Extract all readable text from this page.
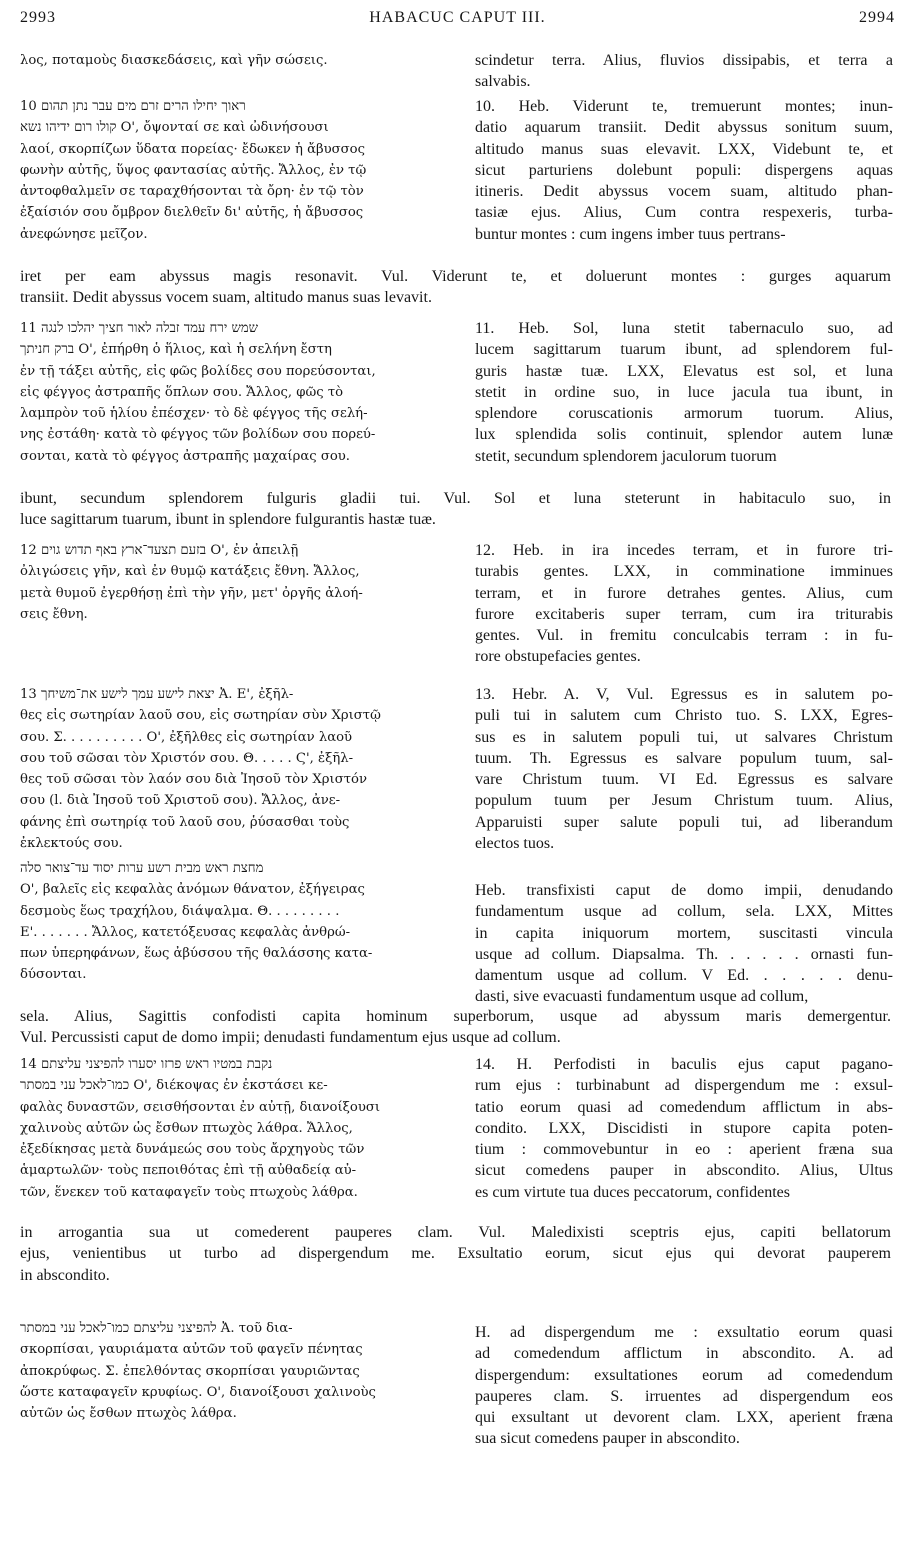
2993	HABACUC CAPUT III.	2994
λος, ποταμοὺς διασκεδάσεις, καὶ γῆν σώσεις.	scindetur terra. Alius, fluvios dissipabis, et terra a
salvabis.
10 ראוך יחילו הרים זרם מים עבר נתן תהום
קולו רום ידיהו נשא Ο', ὄψονταί σε καὶ ὠδινήσουσι
λαοί, σκορπίζων ὕδατα πορείας· ἔδωκεν ἡ ἄβυσσος
φωνὴν αὐτῆς, ὕψος φαντασίας αὐτῆς. Ἄλλος, ἐν τῷ
ἀντοφθαλμεῖν σε ταραχθήσονται τὰ ὄρη· ἐν τῷ τὸν
ἐξαίσιόν σου ὄμβρον διελθεῖν δι' αὐτῆς, ἡ ἄβυσσος
ἀνεφώνησε μεῖζον.
10. Heb. Viderunt te, tremuerunt montes; inun-
datio aquarum transiit. Dedit abyssus sonitum suum,
altitudo manus suas elevavit. LXX, Videbunt te, et
sicut parturiens dolebunt populi: dispergens aquas
itineris. Dedit abyssus vocem suam, altitudo phan-
tasiæ ejus. Alius, Cum contra respexeris, turba-
buntur montes : cum ingens imber tuus pertrans-
iret per eam abyssus magis resonavit. Vul. Viderunt te, et doluerunt montes : gurges aquarum
transiit. Dedit abyssus vocem suam, altitudo manus suas levavit.
11 שמש ירח עמד זבלה לאור חציך יהלכו לנגה
ברק חניתך Ο', ἐπήρθη ὁ ἥλιος, καὶ ἡ σελήνη ἔστη
ἐν τῇ τάξει αὐτῆς, εἰς φῶς βολίδες σου πορεύσονται,
εἰς φέγγος ἀστραπῆς ὅπλων σου. Ἄλλος, φῶς τὸ
λαμπρὸν τοῦ ἡλίου ἐπέσχεν· τὸ δὲ φέγγος τῆς σελή-
νης ἐστάθη· κατὰ τὸ φέγγος τῶν βολίδων σου πορεύ-
σονται, κατὰ τὸ φέγγος ἀστραπῆς μαχαίρας σου.
11. Heb. Sol, luna stetit tabernaculo suo, ad
lucem sagittarum tuarum ibunt, ad splendorem ful-
guris hastæ tuæ. LXX, Elevatus est sol, et luna
stetit in ordine suo, in luce jacula tua ibunt, in
splendore coruscationis armorum tuorum. Alius,
lux splendida solis continuit, splendor autem lunæ
stetit, secundum splendorem jaculorum tuorum
ibunt, secundum splendorem fulguris gladii tui. Vul. Sol et luna steterunt in habitaculo suo, in
luce sagittarum tuarum, ibunt in splendore fulgurantis hastæ tuæ.
12 בזעם תצעד־ארץ באף תדוש גוים Ο', ἐν ἀπειλῇ
ὀλιγώσεις γῆν, καὶ ἐν θυμῷ κατάξεις ἔθνη. Ἄλλος,
μετὰ θυμοῦ ἐγερθήσῃ ἐπὶ τὴν γῆν, μετ' ὀργῆς ἀλοή-
σεις ἔθνη.
12. Heb. in ira incedes terram, et in furore tri-
turabis gentes. LXX, in comminatione imminues
terram, et in furore detrahes gentes. Alius, cum
furore excitaberis super terram, cum ira triturabis
gentes. Vul. in fremitu conculcabis terram : in fu-
rore obstupefacies gentes.
13 יצאת לישע עמך לישע את־משיחך Ἀ. Ε', ἐξῆλ-
θες εἰς σωτηρίαν λαοῦ σου, εἰς σωτηρίαν σὺν Χριστῷ
σου. Σ. . . . . . . . . . Ο', ἐξῆλθες εἰς σωτηρίαν λαοῦ
σου τοῦ σῶσαι τὸν Χριστόν σου. Θ. . . . . Ϛ', ἐξῆλ-
θες τοῦ σῶσαι τὸν λαόν σου διὰ Ἰησοῦ τὸν Χριστόν
σου (l. διὰ Ἰησοῦ τοῦ Χριστοῦ σου). Ἄλλος, ἀνε-
φάνης ἐπὶ σωτηρίᾳ τοῦ λαοῦ σου, ῥύσασθαι τοὺς
ἐκλεκτούς σου.
13. Hebr. A. V, Vul. Egressus es in salutem po-
puli tui in salutem cum Christo tuo. S. LXX, Egres-
sus es in salutem populi tui, ut salvares Christum
tuum. Th. Egressus es salvare populum tuum, sal-
vare Christum tuum. VI Ed. Egressus es salvare
populum tuum per Jesum Christum tuum. Alius,
Apparuisti super salute populi tui, ad liberandum
electos tuos.
מחצת ראש מבית רשע ערות יסוד עד־צואר סלה
Ο', βαλεῖς εἰς κεφαλὰς ἀνόμων θάνατον, ἐξήγειρας
δεσμοὺς ἕως τραχήλου, διάψαλμα. Θ. . . . . . . . .
Ε'. . . . . . . Ἄλλος, κατετόξευσας κεφαλὰς ἀνθρώ-
πων ὑπερηφάνων, ἕως ἀβύσσου τῆς θαλάσσης κατα-
δύσονται.
Heb. transfixisti caput de domo impii, denudando
fundamentum usque ad collum, sela. LXX, Mittes
in capita iniquorum mortem, suscitasti vincula
usque ad collum. Diapsalma. Th. . . . . . ornasti fun-
damentum usque ad collum. V Ed. . . . . . denu-
dasti, sive evacuasti fundamentum usque ad collum,
sela. Alius, Sagittis confodisti capita hominum superborum, usque ad abyssum maris demergentur.
Vul. Percussisti caput de domo impii; denudasti fundamentum ejus usque ad collum.
14 נקבת במטיו ראש פרזו יסערו להפיצני עליצתם
כמו־לאכל עני במסתר Ο', διέκοψας ἐν ἐκστάσει κε-
φαλὰς δυναστῶν, σεισθήσονται ἐν αὐτῇ, διανοίξουσι
χαλινοὺς αὐτῶν ὡς ἔσθων πτωχὸς λάθρα. Ἄλλος,
ἐξεδίκησας μετὰ δυνάμεώς σου τοὺς ἄρχηγοὺς τῶν
ἁμαρτωλῶν· τοὺς πεποιθότας ἐπὶ τῇ αὐθαδείᾳ αὐ-
τῶν, ἕνεκεν τοῦ καταφαγεῖν τοὺς πτωχοὺς λάθρα.
14. H. Perfodisti in baculis ejus caput pagano-
rum ejus : turbinabunt ad dispergendum me : exsul-
tatio eorum quasi ad comedendum afflictum in abs-
condito. LXX, Discidisti in stupore capita poten-
tium : commovebuntur in eo : aperient fræna sua
sicut comedens pauper in abscondito. Alius, Ultus
es cum virtute tua duces peccatorum, confidentes
in arrogantia sua ut comederent pauperes clam. Vul. Maledixisti sceptris ejus, capiti bellatorum
ejus, venientibus ut turbo ad dispergendum me. Exsultatio eorum, sicut ejus qui devorat pauperem
in abscondito.
להפיצני עליצתם כמו־לאכל עני במסתר Ἀ. τοῦ δια-
σκορπίσαι, γαυριάματα αὐτῶν τοῦ φαγεῖν πένητας
ἀποκρύφως. Σ. ἐπελθόντας σκορπίσαι γαυριῶντας
ὥστε καταφαγεῖν κρυφίως. Ο', διανοίξουσι χαλινοὺς
αὐτῶν ὡς ἔσθων πτωχὸς λάθρα.
H. ad dispergendum me : exsultatio eorum quasi
ad comedendum afflictum in abscondito. A. ad
dispergendum: exsultationes eorum ad comedendum
pauperes clam. S. irruentes ad dispergendum eos
qui exsultant ut devorent clam. LXX, aperient fræna
sua sicut comedens pauper in abscondito.
